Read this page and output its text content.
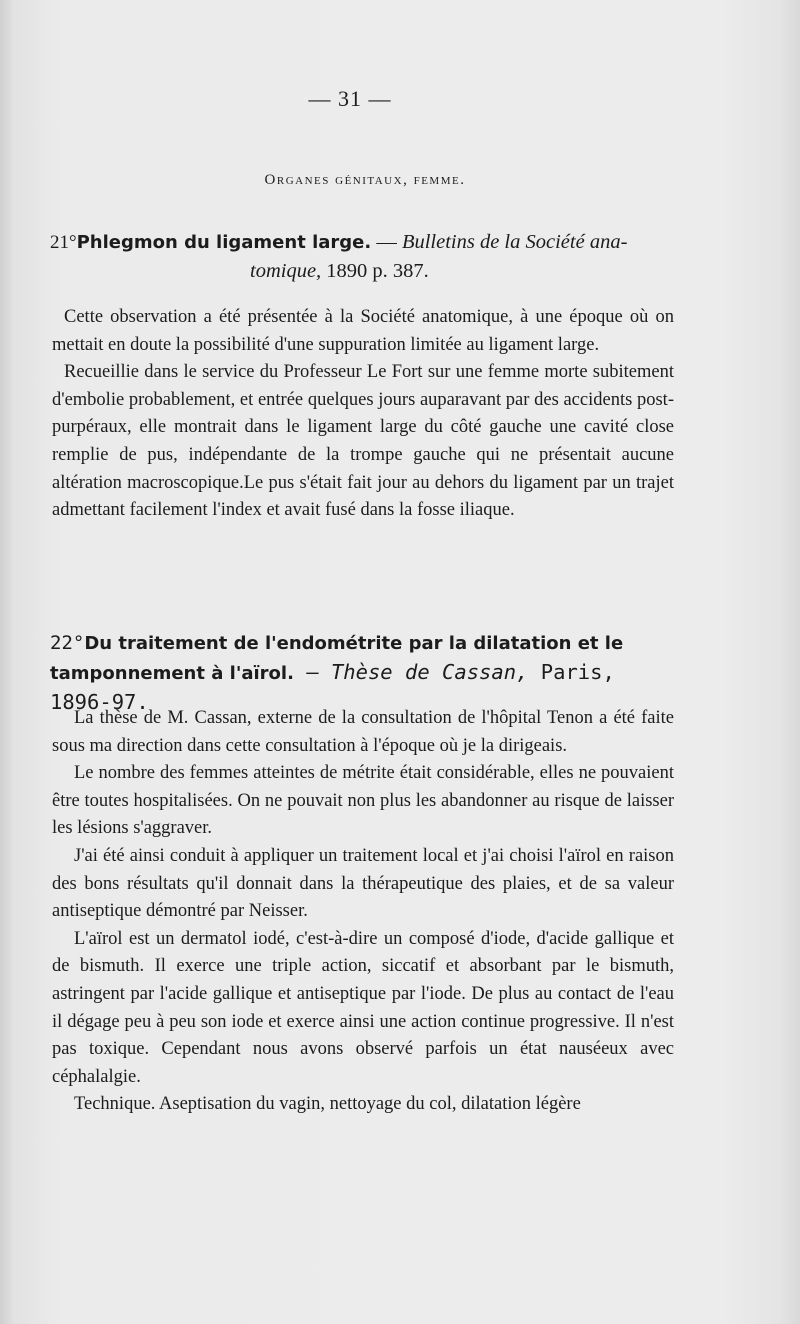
— 31 —
Organes génitaux, femme.
21°Phlegmon du ligament large. — Bulletins de la Société ana-
tomique, 1890 p. 387.

Cette observation a été présentée à la Société anatomique, à une époque où on mettait en doute la possibilité d'une suppuration limitée au ligament large.

Recueillie dans le service du Professeur Le Fort sur une femme morte subitement d'embolie probablement, et entrée quelques jours auparavant par des accidents post-purpéraux, elle montrait dans le ligament large du côté gauche une cavité close remplie de pus, indépendante de la trompe gauche qui ne présentait aucune altération macroscopique.Le pus s'était fait jour au dehors du ligament par un trajet admettant facilement l'index et avait fusé dans la fosse iliaque.

22°Du traitement de l'endométrite par la dilatation et le tamponnement à l'aïrol. — Thèse de Cassan, Paris, 1896-97.

La thèse de M. Cassan, externe de la consultation de l'hôpital Tenon a été faite sous ma direction dans cette consultation à l'époque où je la dirigeais.

Le nombre des femmes atteintes de métrite était considérable, elles ne pouvaient être toutes hospitalisées. On ne pouvait non plus les abandonner au risque de laisser les lésions s'aggraver.

J'ai été ainsi conduit à appliquer un traitement local et j'ai choisi l'aïrol en raison des bons résultats qu'il donnait dans la thérapeutique des plaies, et de sa valeur antiseptique démontré par Neisser.

L'aïrol est un dermatol iodé, c'est-à-dire un composé d'iode, d'acide gallique et de bismuth. Il exerce une triple action, siccatif et absorbant par le bismuth, astringent par l'acide gallique et antiseptique par l'iode. De plus au contact de l'eau il dégage peu à peu son iode et exerce ainsi une action continue progressive. Il n'est pas toxique. Cependant nous avons observé parfois un état nauséeux avec céphalalgie.

Technique. Aseptisation du vagin, nettoyage du col, dilatation légère
